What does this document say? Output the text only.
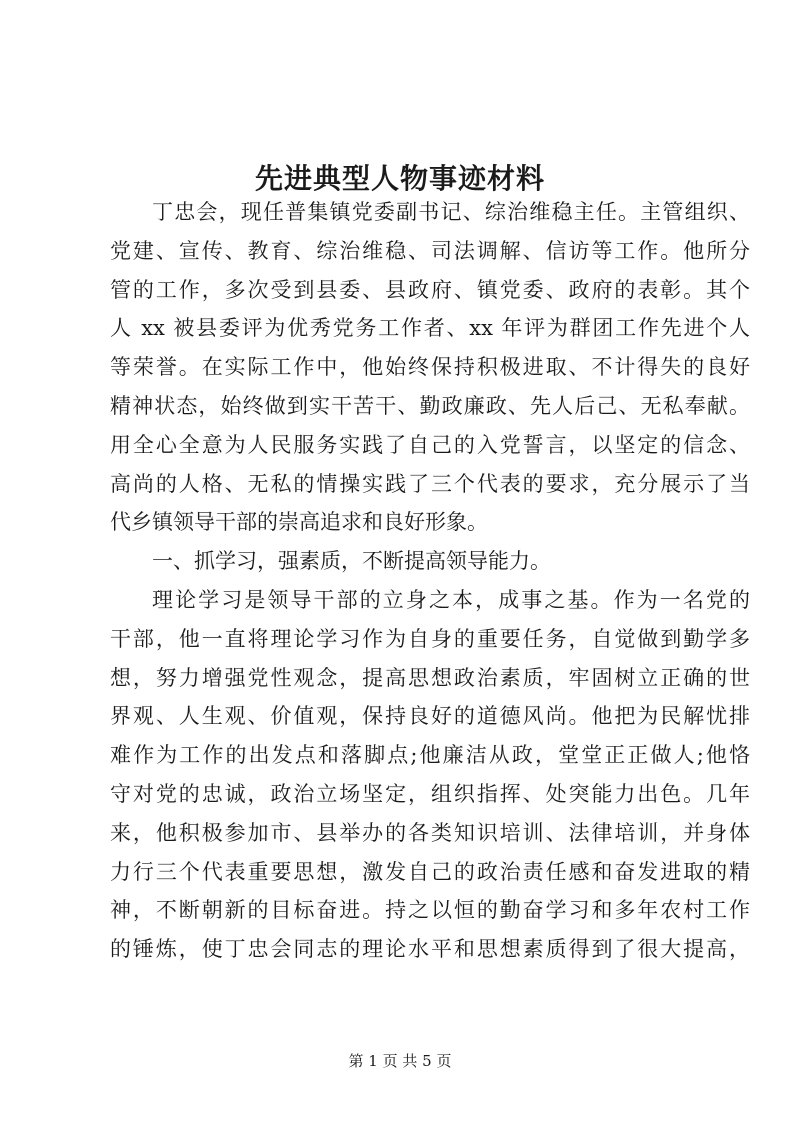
先进典型人物事迹材料
丁忠会，现任普集镇党委副书记、综治维稳主任。主管组织、
党建、宣传、教育、综治维稳、司法调解、信访等工作。他所分
管的工作，多次受到县委、县政府、镇党委、政府的表彰。其个
人 xx 被县委评为优秀党务工作者、xx 年评为群团工作先进个人
等荣誉。在实际工作中，他始终保持积极进取、不计得失的良好
精神状态，始终做到实干苦干、勤政廉政、先人后己、无私奉献。
用全心全意为人民服务实践了自己的入党誓言，以坚定的信念、
高尚的人格、无私的情操实践了三个代表的要求，充分展示了当
代乡镇领导干部的崇高追求和良好形象。
一、抓学习，强素质，不断提高领导能力。
理论学习是领导干部的立身之本，成事之基。作为一名党的
干部，他一直将理论学习作为自身的重要任务，自觉做到勤学多
想，努力增强党性观念，提高思想政治素质，牢固树立正确的世
界观、人生观、价值观，保持良好的道德风尚。他把为民解忧排
难作为工作的出发点和落脚点;他廉洁从政，堂堂正正做人;他恪
守对党的忠诚，政治立场坚定，组织指挥、处突能力出色。几年
来，他积极参加市、县举办的各类知识培训、法律培训，并身体
力行三个代表重要思想，激发自己的政治责任感和奋发进取的精
神，不断朝新的目标奋进。持之以恒的勤奋学习和多年农村工作
的锤炼，使丁忠会同志的理论水平和思想素质得到了很大提高，
第 1 页 共 5 页
